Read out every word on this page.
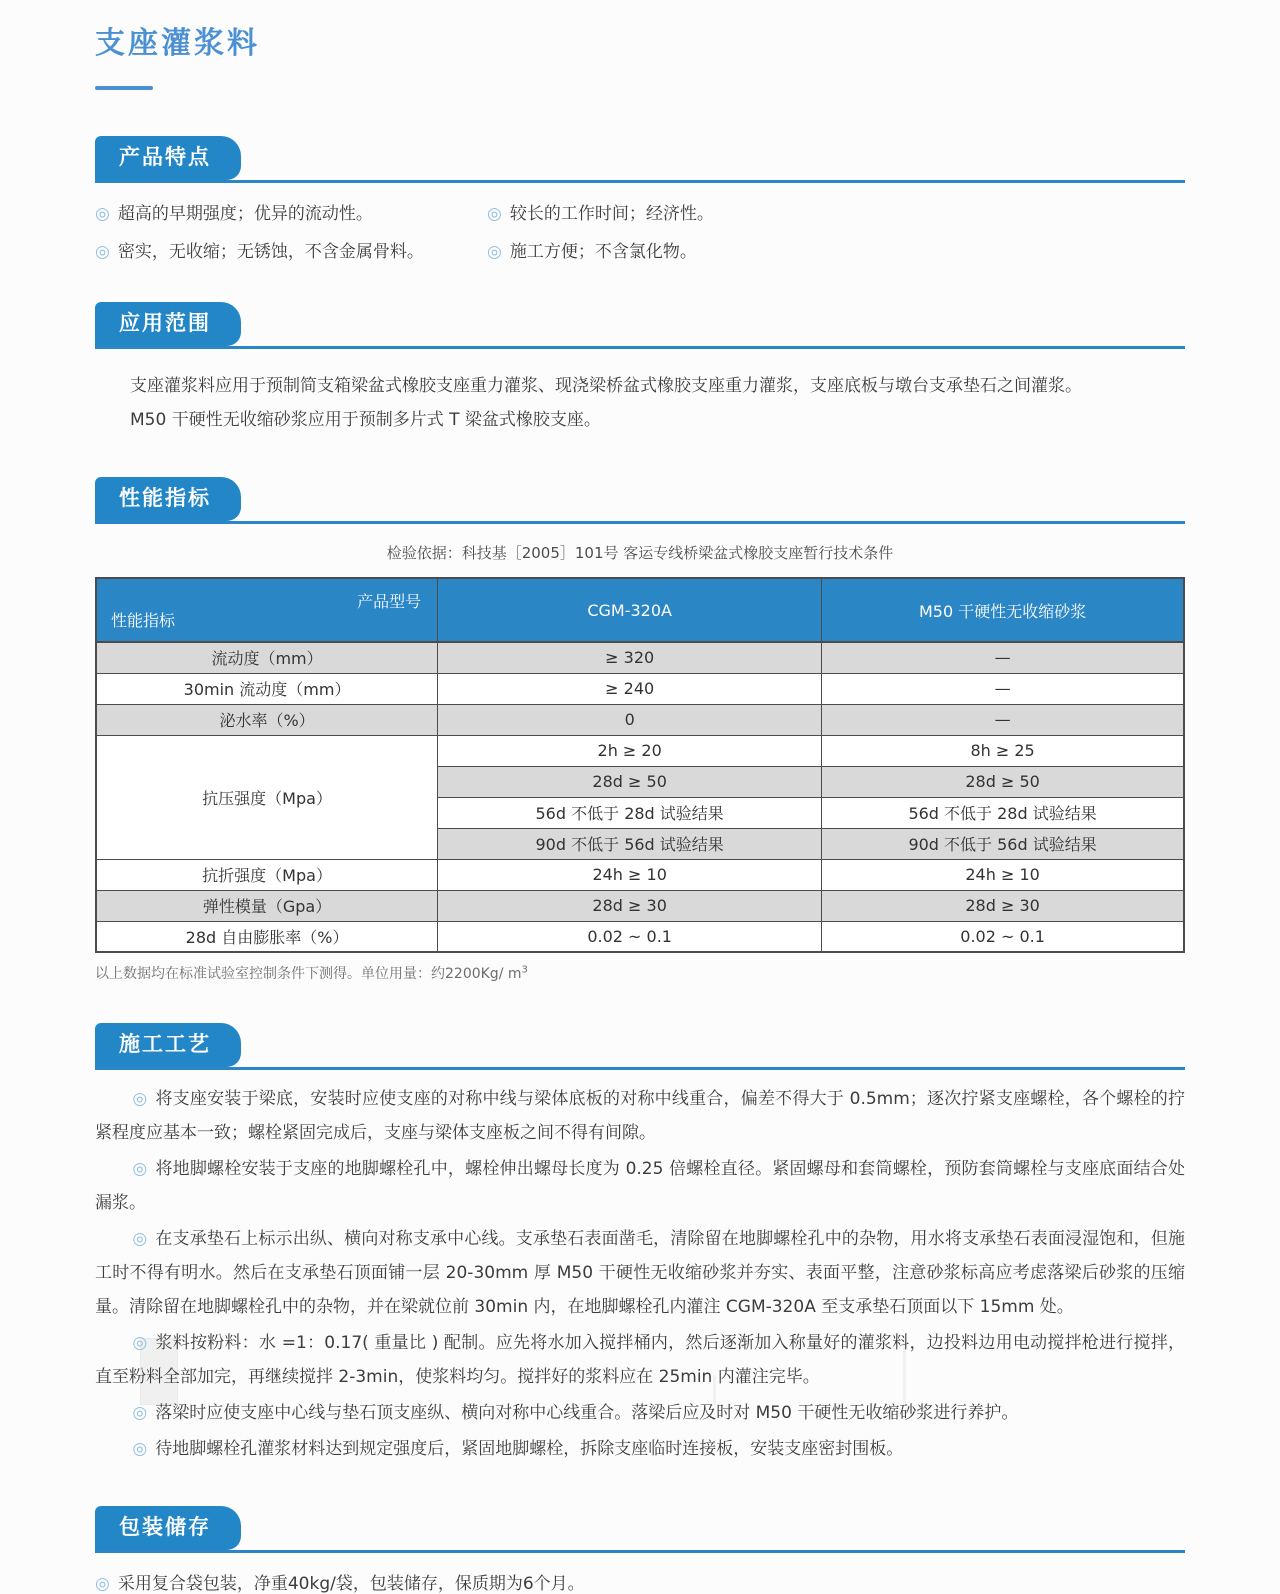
支座灌浆料
产品特点
◎ 超高的早期强度；优异的流动性。	◎ 较长的工作时间；经济性。
◎ 密实，无收缩；无锈蚀，不含金属骨料。	◎ 施工方便；不含氯化物。
应用范围

支座灌浆料应用于预制简支箱梁盆式橡胶支座重力灌浆、现浇梁桥盆式橡胶支座重力灌浆，支座底板与墩台支承垫石之间灌浆。

M50 干硬性无收缩砂浆应用于预制多片式 T 梁盆式橡胶支座。

性能指标
检验依据：科技基［2005］101号 客运专线桥梁盆式橡胶支座暂行技术条件
产品型号
性能指标	CGM-320A	M50 干硬性无收缩砂浆
流动度（mm）	≥ 320	—
30min 流动度（mm）	≥ 240	—
泌水率（%）	0	—
抗压强度（Mpa）	2h ≥ 20	8h ≥ 25
	28d ≥ 50	28d ≥ 50
	56d 不低于 28d 试验结果	56d 不低于 28d 试验结果
	90d 不低于 56d 试验结果	90d 不低于 56d 试验结果
抗折强度（Mpa）	24h ≥ 10	24h ≥ 10
弹性模量（Gpa）	28d ≥ 30	28d ≥ 30
28d 自由膨胀率（%）	0.02 ~ 0.1	0.02 ~ 0.1
以上数据均在标准试验室控制条件下测得。单位用量：约2200Kg/ $m^3$
施工工艺

◎ 将支座安装于梁底，安装时应使支座的对称中线与梁体底板的对称中线重合，偏差不得大于 0.5mm；逐次拧紧支座螺栓，各个螺栓的拧紧程度应基本一致；螺栓紧固完成后，支座与梁体支座板之间不得有间隙。

◎ 将地脚螺栓安装于支座的地脚螺栓孔中，螺栓伸出螺母长度为 0.25 倍螺栓直径。紧固螺母和套筒螺栓，预防套筒螺栓与支座底面结合处漏浆。

◎ 在支承垫石上标示出纵、横向对称支承中心线。支承垫石表面凿毛，清除留在地脚螺栓孔中的杂物，用水将支承垫石表面浸湿饱和，但施工时不得有明水。然后在支承垫石顶面铺一层 20-30mm 厚 M50 干硬性无收缩砂浆并夯实、表面平整，注意砂浆标高应考虑落梁后砂浆的压缩量。清除留在地脚螺栓孔中的杂物，并在梁就位前 30min 内，在地脚螺栓孔内灌注 CGM-320A 至支承垫石顶面以下 15mm 处。

◎ 浆料按粉料：水 =1：0.17( 重量比 ) 配制。应先将水加入搅拌桶内，然后逐渐加入称量好的灌浆料，边投料边用电动搅拌枪进行搅拌，直至粉料全部加完，再继续搅拌 2-3min，使浆料均匀。搅拌好的浆料应在 25min 内灌注完毕。

◎ 落梁时应使支座中心线与垫石顶支座纵、横向对称中心线重合。落梁后应及时对 M50 干硬性无收缩砂浆进行养护。

◎ 待地脚螺栓孔灌浆材料达到规定强度后，紧固地脚螺栓，拆除支座临时连接板，安装支座密封围板。

包装储存
◎ 采用复合袋包装，净重40kg/袋，包装储存，保质期为6个月。
